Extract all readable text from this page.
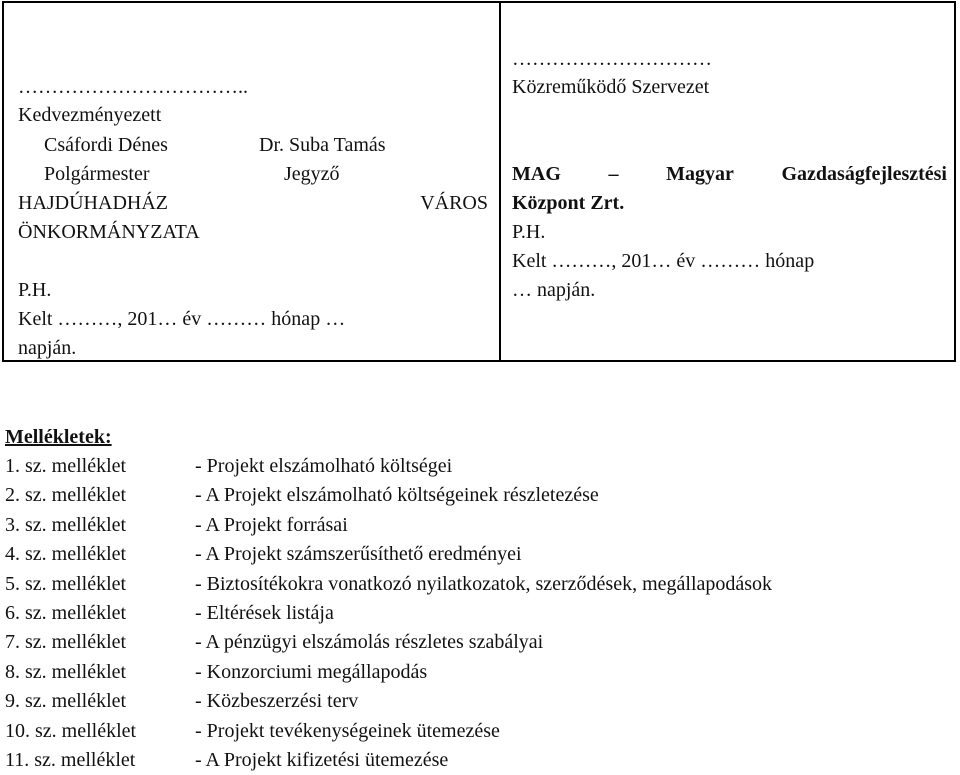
……………………………..
Kedvezményezett
Csáfordi Dénes	Dr. Suba Tamás
Polgármester	Jegyző
HAJDÚHADHÁZ	VÁROS
ÖNKORMÁNYZATA
P.H.
Kelt ………, 201… év ……… hónap …
napján.
…………………………
Közreműködő Szervezet
MAG – Magyar Gazdaságfejlesztési
Központ Zrt.
P.H.
Kelt ………, 201… év ……… hónap
… napján.
Mellékletek:
1. sz. melléklet	- Projekt elszámolható költségei
2. sz. melléklet	- A Projekt elszámolható költségeinek részletezése
3. sz. melléklet	- A Projekt forrásai
4. sz. melléklet	- A Projekt számszerűsíthető eredményei
5. sz. melléklet	- Biztosítékokra vonatkozó nyilatkozatok, szerződések, megállapodások
6. sz. melléklet	- Eltérések listája
7. sz. melléklet	- A pénzügyi elszámolás részletes szabályai
8. sz. melléklet	- Konzorciumi megállapodás
9. sz. melléklet	- Közbeszerzési terv
10. sz. melléklet	- Projekt tevékenységeinek ütemezése
11. sz. melléklet	- A Projekt kifizetési ütemezése
